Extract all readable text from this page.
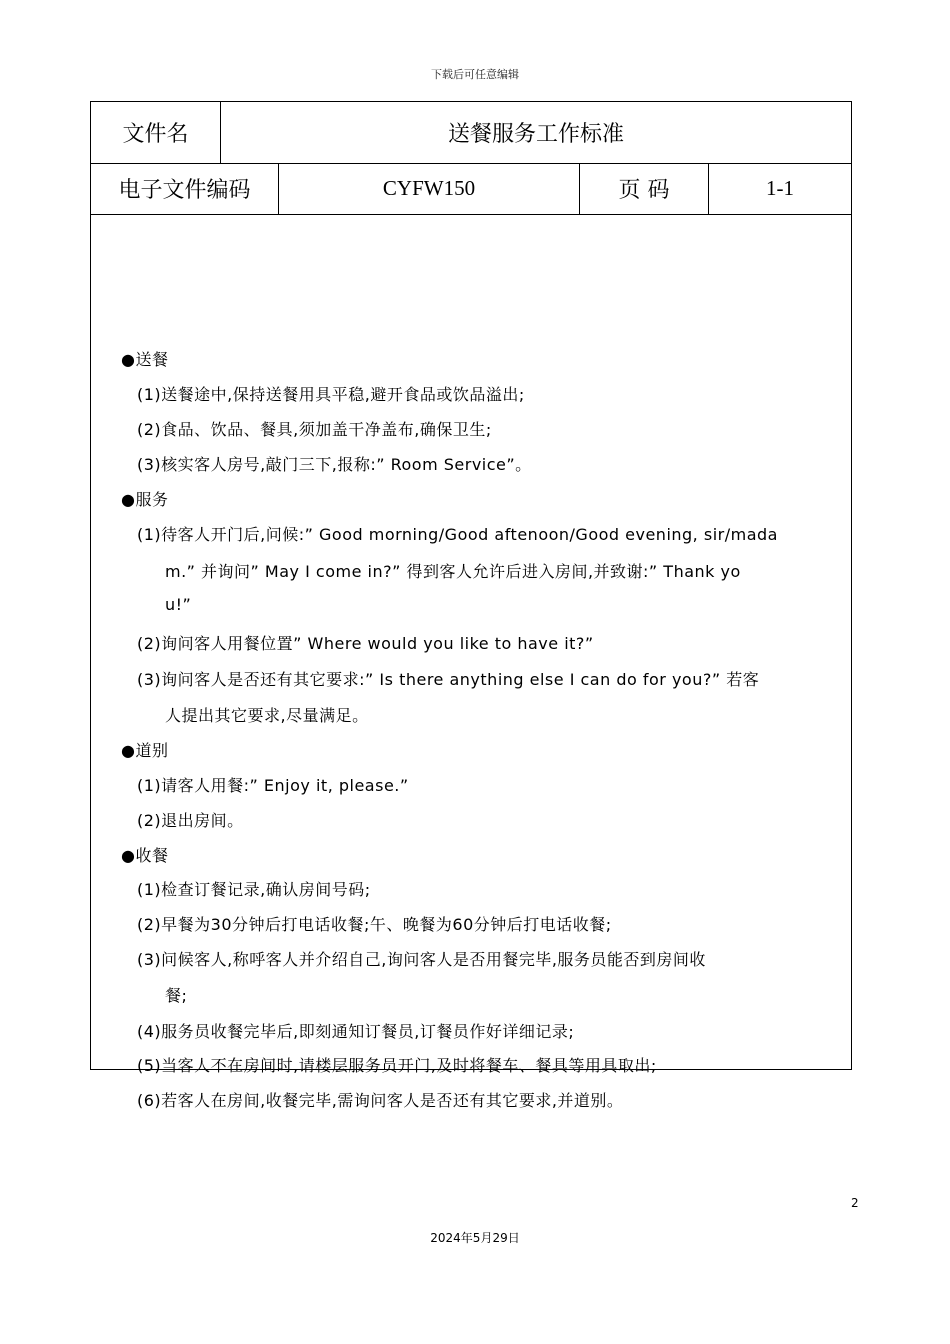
下载后可任意编辑
文件名	送餐服务工作标准
电子文件编码	CYFW150	页 码	1-1
●送餐
(1)送餐途中,保持送餐用具平稳,避开食品或饮品溢出;
(2)食品、饮品、餐具,须加盖干净盖布,确保卫生;
(3)核实客人房号,敲门三下,报称:” Room Service”。
●服务
(1)待客人开门后,问候:” Good morning/Good aftenoon/Good evening, sir/mada
m.” 并询问” May I come in?” 得到客人允许后进入房间,并致谢:” Thank yo
u!”
(2)询问客人用餐位置” Where would you like to have it?”
(3)询问客人是否还有其它要求:” Is there anything else I can do for you?” 若客
人提出其它要求,尽量满足。
●道别
(1)请客人用餐:” Enjoy it, please.”
(2)退出房间。
●收餐
(1)检查订餐记录,确认房间号码;
(2)早餐为30分钟后打电话收餐;午、晚餐为60分钟后打电话收餐;
(3)问候客人,称呼客人并介绍自己,询问客人是否用餐完毕,服务员能否到房间收
餐;
(4)服务员收餐完毕后,即刻通知订餐员,订餐员作好详细记录;
(5)当客人不在房间时,请楼层服务员开门,及时将餐车、餐具等用具取出;
(6)若客人在房间,收餐完毕,需询问客人是否还有其它要求,并道别。
2
2024年5月29日
